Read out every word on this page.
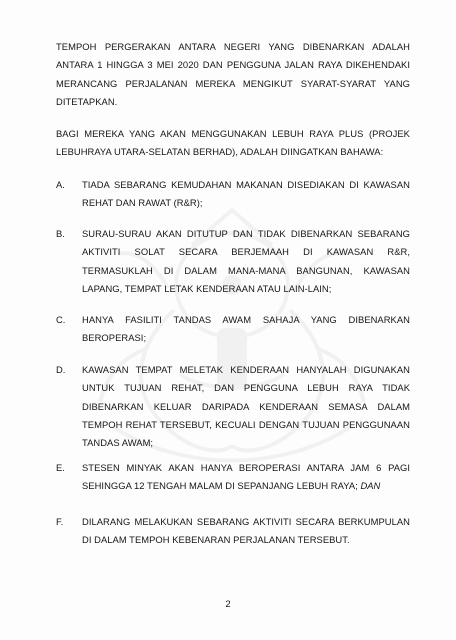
TEMPOH PERGERAKAN ANTARA NEGERI YANG DIBENARKAN ADALAH ANTARA 1 HINGGA 3 MEI 2020 DAN PENGGUNA JALAN RAYA DIKEHENDAKI MERANCANG PERJALANAN MEREKA MENGIKUT SYARAT-SYARAT YANG DITETAPKAN.
BAGI MEREKA YANG AKAN MENGGUNAKAN LEBUH RAYA PLUS (PROJEK LEBUHRAYA UTARA-SELATAN BERHAD), ADALAH DIINGATKAN BAHAWA:
A.	TIADA SEBARANG KEMUDAHAN MAKANAN DISEDIAKAN DI KAWASAN REHAT DAN RAWAT (R&R);
B.	SURAU-SURAU AKAN DITUTUP DAN TIDAK DIBENARKAN SEBARANG AKTIVITI SOLAT SECARA BERJEMAAH DI KAWASAN R&R, TERMASUKLAH DI DALAM MANA-MANA BANGUNAN, KAWASAN LAPANG, TEMPAT LETAK KENDERAAN ATAU LAIN-LAIN;
C.	HANYA FASILITI TANDAS AWAM SAHAJA YANG DIBENARKAN BEROPERASI;
D.	KAWASAN TEMPAT MELETAK KENDERAAN HANYALAH DIGUNAKAN UNTUK TUJUAN REHAT, DAN PENGGUNA LEBUH RAYA TIDAK DIBENARKAN KELUAR DARIPADA KENDERAAN SEMASA DALAM TEMPOH REHAT TERSEBUT, KECUALI DENGAN TUJUAN PENGGUNAAN TANDAS AWAM;
E.	STESEN MINYAK AKAN HANYA BEROPERASI ANTARA JAM 6 PAGI SEHINGGA 12 TENGAH MALAM DI SEPANJANG LEBUH RAYA; DAN
F.	DILARANG MELAKUKAN SEBARANG AKTIVITI SECARA BERKUMPULAN DI DALAM TEMPOH KEBENARAN PERJALANAN TERSEBUT.
2
